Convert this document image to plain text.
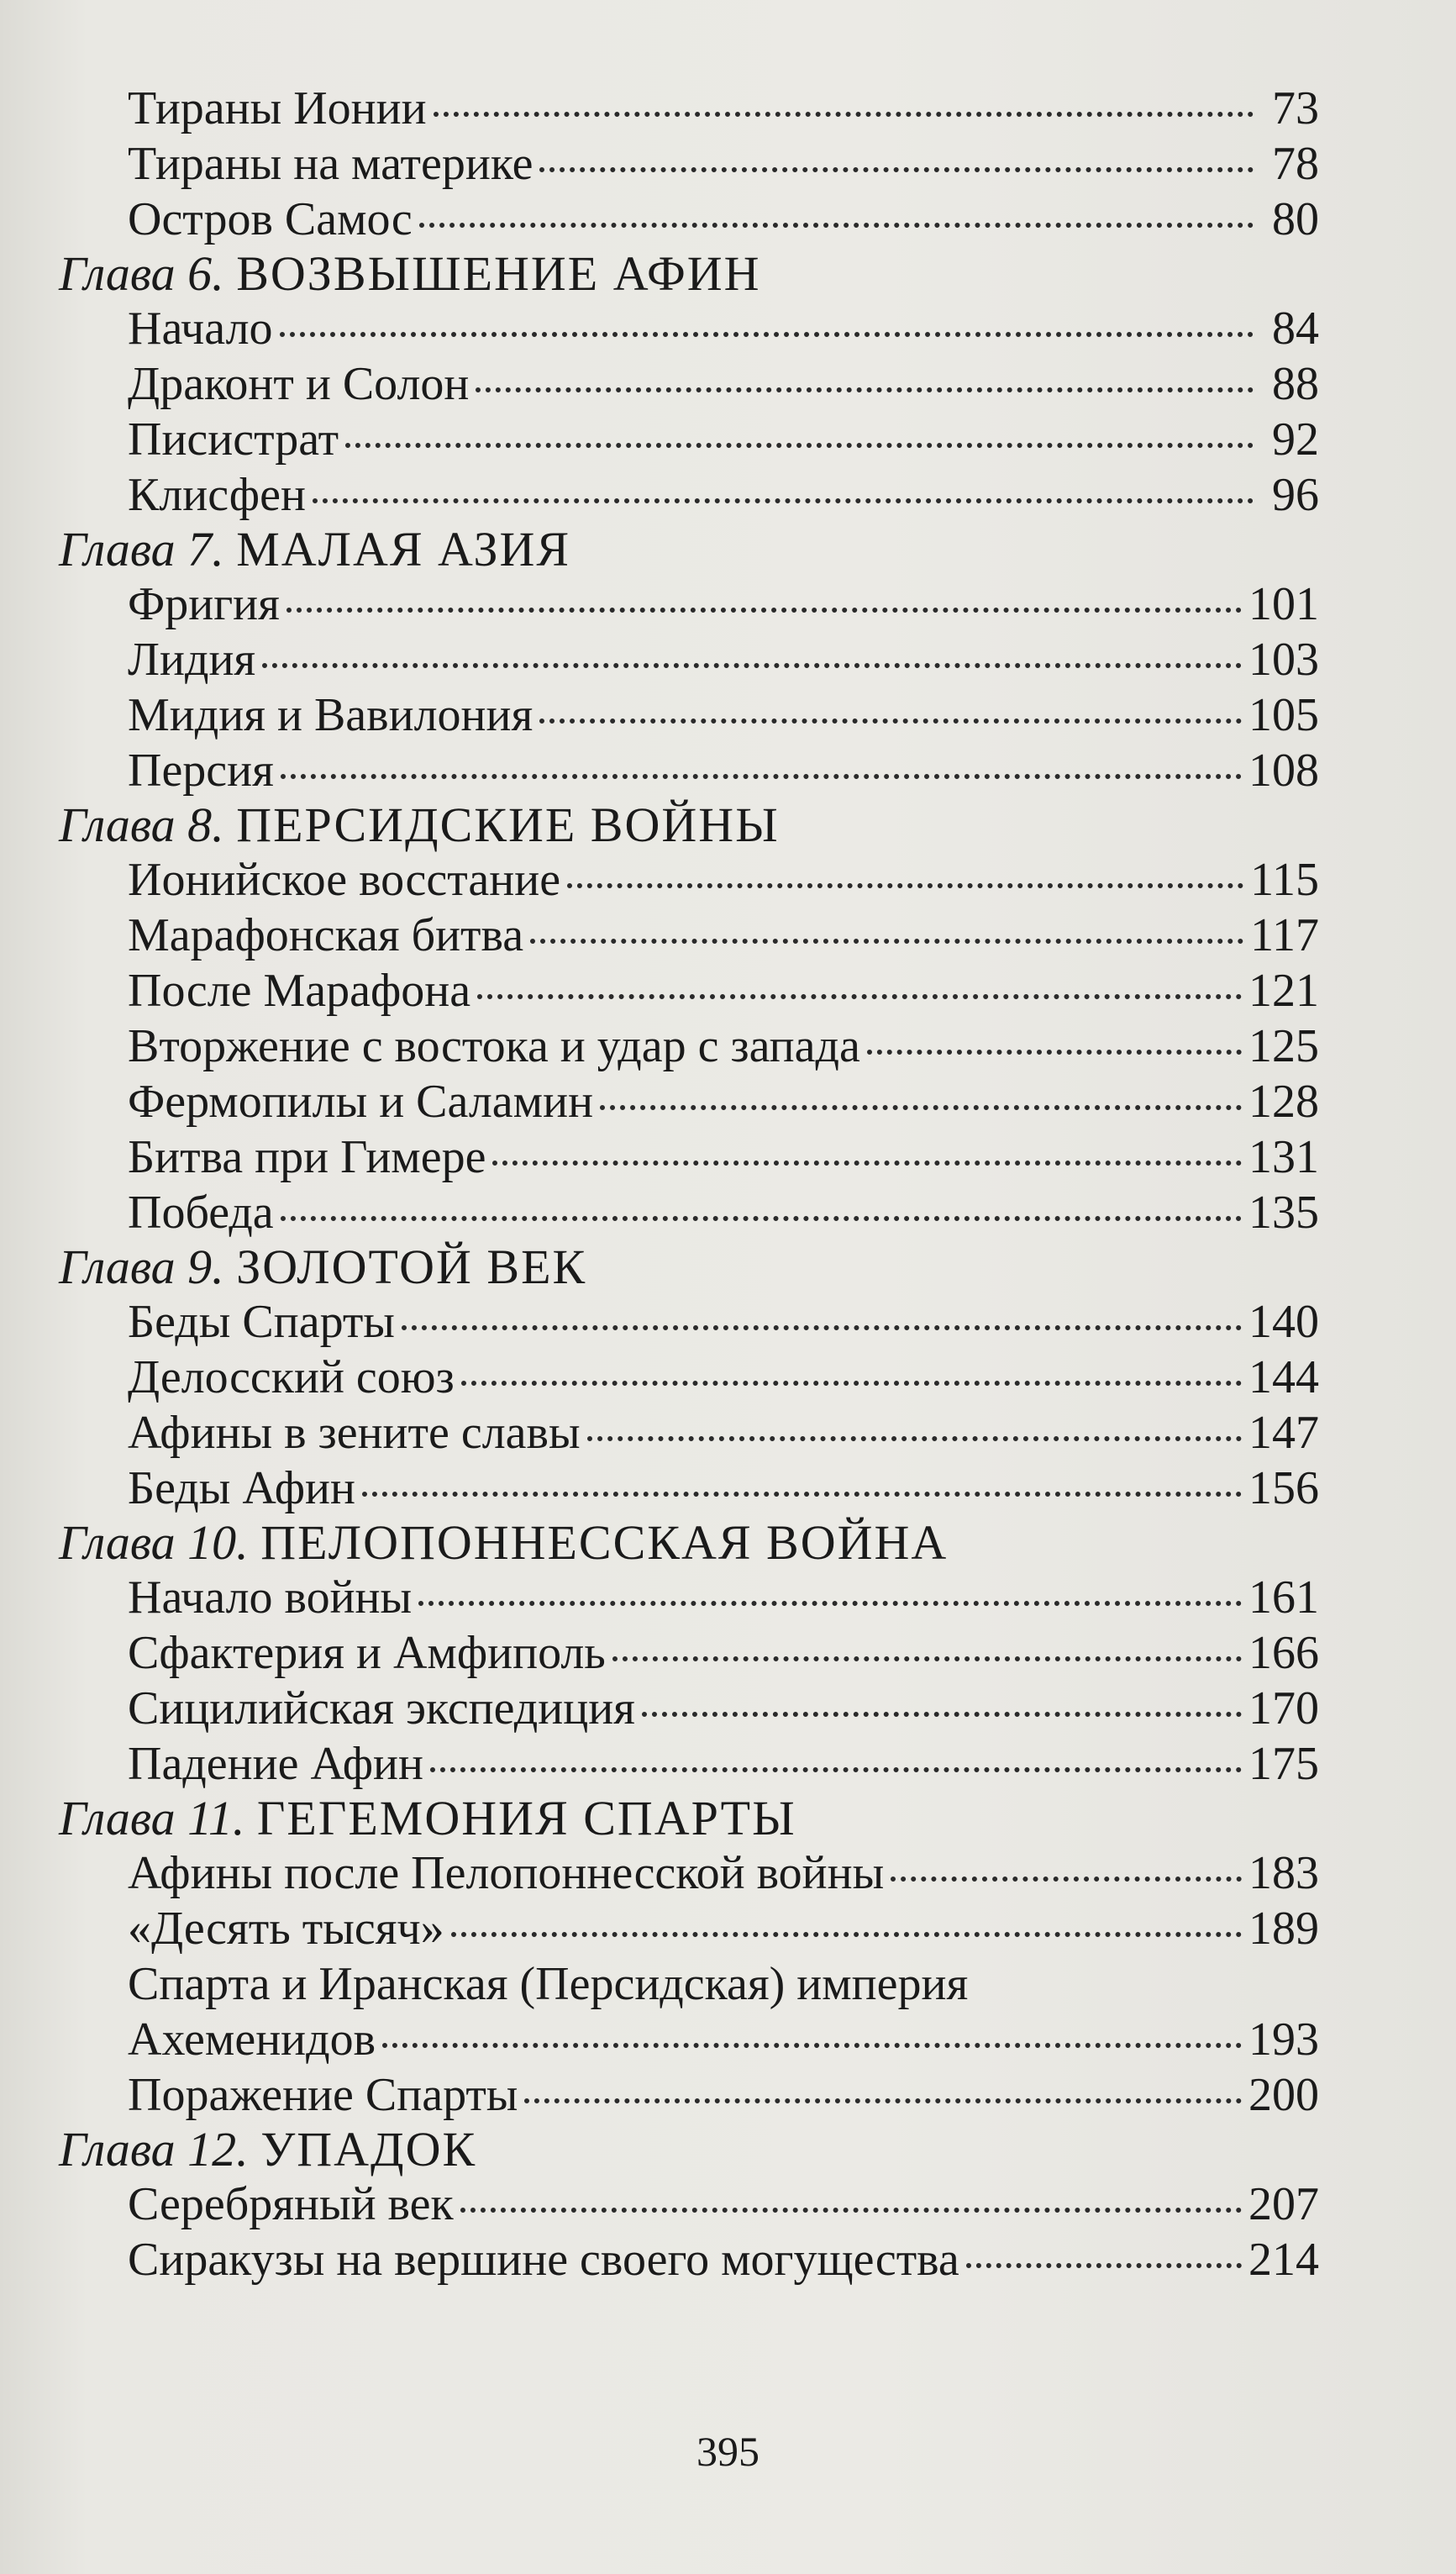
Тираны Ионии	73
Тираны на материке	78
Остров Самос	80
Глава 6. ВОЗВЫШЕНИЕ АФИН
Начало	84
Драконт и Солон	88
Писистрат	92
Клисфен	96
Глава 7. МАЛАЯ АЗИЯ
Фригия	101
Лидия	103
Мидия и Вавилония	105
Персия	108
Глава 8. ПЕРСИДСКИЕ ВОЙНЫ
Ионийское восстание	115
Марафонская битва	117
После Марафона	121
Вторжение с востока и удар с запада	125
Фермопилы и Саламин	128
Битва при Гимере	131
Победа	135
Глава 9. ЗОЛОТОЙ ВЕК
Беды Спарты	140
Делосский союз	144
Афины в зените славы	147
Беды Афин	156
Глава 10. ПЕЛОПОННЕССКАЯ ВОЙНА
Начало войны	161
Сфактерия и Амфиполь	166
Сицилийская экспедиция	170
Падение Афин	175
Глава 11. ГЕГЕМОНИЯ СПАРТЫ
Афины после Пелопоннесской войны	183
«Десять тысяч»	189
Спарта и Иранская (Персидская) империя
Ахеменидов	193
Поражение Спарты	200
Глава 12. УПАДОК
Серебряный век	207
Сиракузы на вершине своего могущества	214
395
